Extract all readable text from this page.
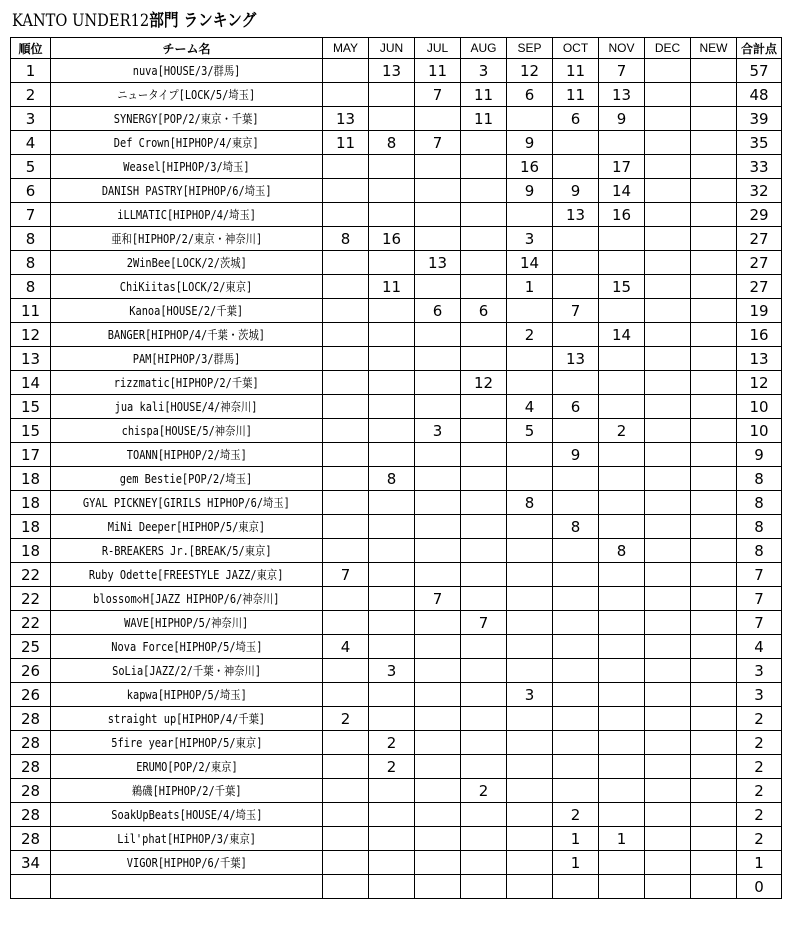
KANTO UNDER12部門 ランキング
順位	チーム名	MAY	JUN	JUL	AUG	SEP	OCT	NOV	DEC	NEW	合計点
1	nuva[HOUSE/3/群馬]		13	11	3	12	11	7			57
2	ニュータイプ[LOCK/5/埼玉]			7	11	6	11	13			48
3	SYNERGY[POP/2/東京・千葉]	13			11		6	9			39
4	Def Crown[HIPHOP/4/東京]	11	8	7		9					35
5	Weasel[HIPHOP/3/埼玉]					16		17			33
6	DANISH PASTRY[HIPHOP/6/埼玉]					9	9	14			32
7	iLLMATIC[HIPHOP/4/埼玉]						13	16			29
8	亜和[HIPHOP/2/東京・神奈川]	8	16			3					27
8	2WinBee[LOCK/2/茨城]			13		14					27
8	ChiKiitas[LOCK/2/東京]		11			1		15			27
11	Kanoa[HOUSE/2/千葉]			6	6		7				19
12	BANGER[HIPHOP/4/千葉・茨城]					2		14			16
13	PAM[HIPHOP/3/群馬]						13				13
14	rizzmatic[HIPHOP/2/千葉]				12						12
15	jua kali[HOUSE/4/神奈川]					4	6				10
15	chispa[HOUSE/5/神奈川]			3		5		2			10
17	TOANN[HIPHOP/2/埼玉]						9				9
18	gem Bestie[POP/2/埼玉]		8								8
18	GYAL PICKNEY[GIRILS HIPHOP/6/埼玉]					8					8
18	MiNi Deeper[HIPHOP/5/東京]						8				8
18	R-BREAKERS Jr.[BREAK/5/東京]							8			8
22	Ruby Odette[FREESTYLE JAZZ/東京]	7									7
22	blossom◇H[JAZZ HIPHOP/6/神奈川]			7							7
22	WAVE[HIPHOP/5/神奈川]				7						7
25	Nova Force[HIPHOP/5/埼玉]	4									4
26	SoLia[JAZZ/2/千葉・神奈川]		3								3
26	kapwa[HIPHOP/5/埼玉]					3					3
28	straight up[HIPHOP/4/千葉]	2									2
28	5fire year[HIPHOP/5/東京]		2								2
28	ERUMO[POP/2/東京]		2								2
28	鵜磯[HIPHOP/2/千葉]				2						2
28	SoakUpBeats[HOUSE/4/埼玉]						2				2
28	Lil'phat[HIPHOP/3/東京]						1	1			2
34	VIGOR[HIPHOP/6/千葉]						1				1
											0
